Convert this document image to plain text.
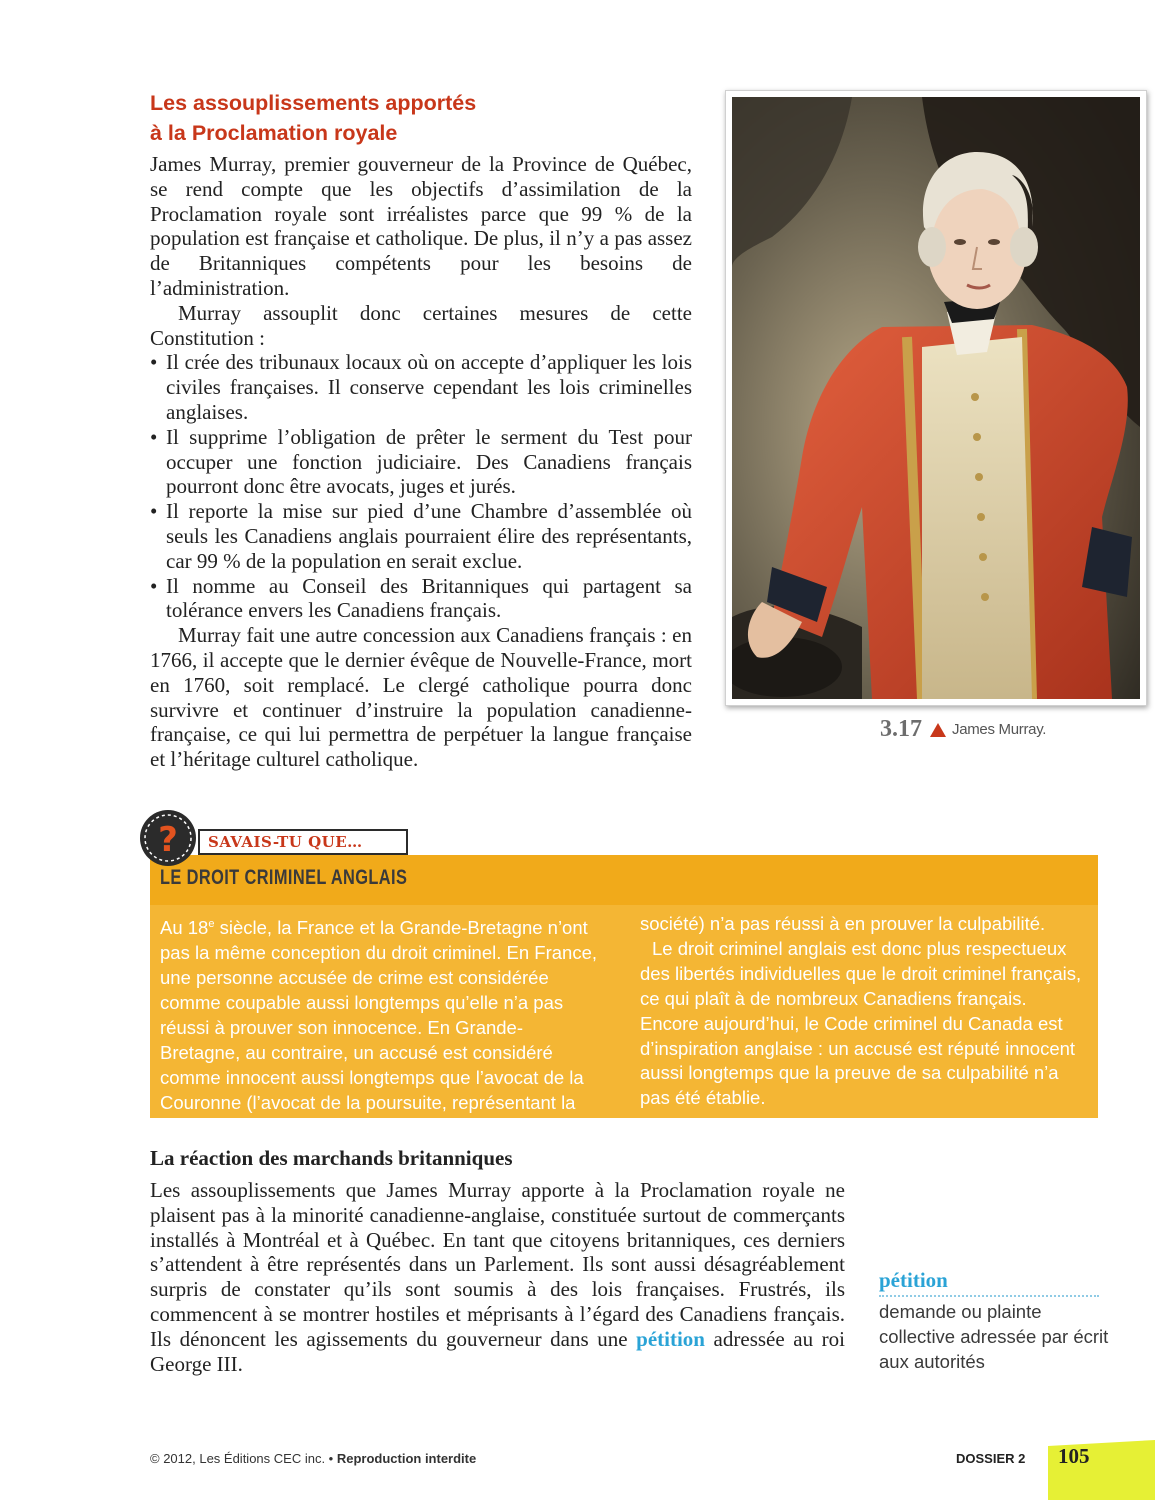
Les assouplissements apportés
à la Proclamation royale

James Murray, premier gouverneur de la Province de Québec, se rend compte que les objectifs d’assimilation de la Proclamation royale sont irréalistes parce que 99 % de la population est française et catholique. De plus, il n’y a pas assez de Britanniques compétents pour les besoins de l’administration.

Murray assouplit donc certaines mesures de cette Constitution :

• Il crée des tribunaux locaux où on accepte d’appliquer les lois civiles françaises. Il conserve cependant les lois criminelles anglaises.
• Il supprime l’obligation de prêter le serment du Test pour occuper une fonction judiciaire. Des Canadiens français pourront donc être avocats, juges et jurés.
• Il reporte la mise sur pied d’une Chambre d’assemblée où seuls les Canadiens anglais pourraient élire des représentants, car 99 % de la population en serait exclue.
• Il nomme au Conseil des Britanniques qui partagent sa tolérance envers les Canadiens français.

Murray fait une autre concession aux Canadiens français : en 1766, il accepte que le dernier évêque de Nouvelle-France, mort en 1760, soit remplacé. Le clergé catholique pourra donc survivre et continuer d’instruire la population canadienne-française, ce qui lui permettra de perpétuer la langue française et l’héritage culturel catholique.

3.17 James Murray.
LE DROIT CRIMINEL ANGLAIS
?	SAVAIS-TU QUE…

Au 18e siècle, la France et la Grande-Bretagne n’ont pas la même conception du droit criminel. En France, une personne accusée de crime est considérée comme coupable aussi longtemps qu’elle n’a pas réussi à prouver son innocence. En Grande-Bretagne, au contraire, un accusé est considéré comme innocent aussi longtemps que l’avocat de la Couronne (l’avocat de la poursuite, représentant la

société) n’a pas réussi à en prouver la culpabilité.

Le droit criminel anglais est donc plus respectueux des libertés individuelles que le droit criminel français, ce qui plaît à de nombreux Canadiens français. Encore aujourd’hui, le Code criminel du Canada est d’inspiration anglaise : un accusé est réputé innocent aussi longtemps que la preuve de sa culpabilité n’a pas été établie.

La réaction des marchands britanniques

Les assouplissements que James Murray apporte à la Proclamation royale ne plaisent pas à la minorité canadienne-anglaise, constituée surtout de commerçants installés à Montréal et à Québec. En tant que citoyens britanniques, ces derniers s’attendent à être représentés dans un Parlement. Ils sont aussi désagréablement surpris de constater qu’ils sont soumis à des lois françaises. Frustrés, ils commencent à se montrer hostiles et méprisants à l’égard des Canadiens français. Ils dénoncent les agissements du gouverneur dans une pétition adressée au roi George III.

pétition
demande ou plainte collective adressée par écrit aux autorités
© 2012, Les Éditions CEC inc. • Reproduction interdite	DOSSIER 2 105
